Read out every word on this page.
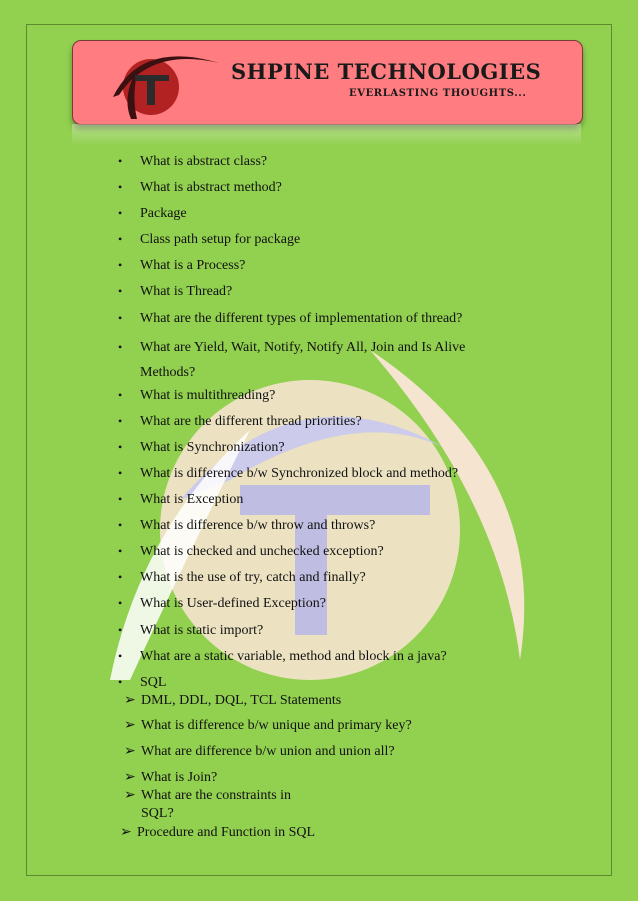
SHPINE TECHNOLOGIES
EVERLASTING THOUGHTS...
• What is abstract class?
• What is abstract method?
• Package
• Class path setup for package
• What is a Process?
• What is Thread?
• What are the different types of implementation of thread?
• What are Yield, Wait, Notify, Notify All, Join and Is Alive Methods?
• What is multithreading?
• What are the different thread priorities?
• What is Synchronization?
• What is difference b/w Synchronized block and method?
• What is Exception
• What is difference b/w throw and throws?
• What is checked and unchecked exception?
• What is the use of try, catch and finally?
• What is User-defined Exception?
• What is static import?
• What are a static variable, method and block in a java?
• SQL
➢ DML, DDL, DQL, TCL Statements
➢ What is difference b/w unique and primary key?
➢ What are difference b/w union and union all?
➢ What is Join?
➢ What are the constraints in SQL?
➢ Procedure and Function in SQL
